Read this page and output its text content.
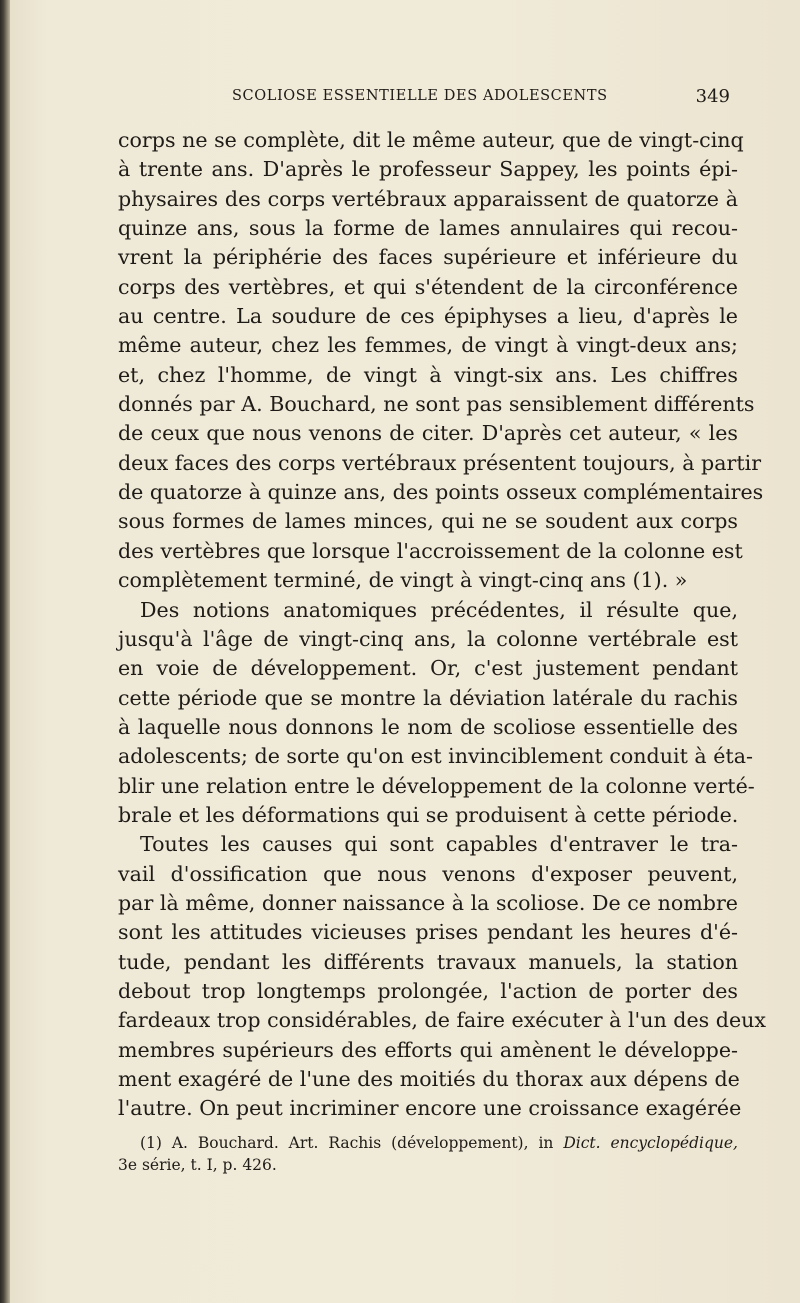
SCOLIOSE ESSENTIELLE DES ADOLESCENTS	349
corps ne se complète, dit le même auteur, que de vingt-cinq
à trente ans. D'après le professeur Sappey, les points épi-
physaires des corps vertébraux apparaissent de quatorze à
quinze ans, sous la forme de lames annulaires qui recou-
vrent la périphérie des faces supérieure et inférieure du
corps des vertèbres, et qui s'étendent de la circonférence
au centre. La soudure de ces épiphyses a lieu, d'après le
même auteur, chez les femmes, de vingt à vingt-deux ans;
et, chez l'homme, de vingt à vingt-six ans. Les chiffres
donnés par A. Bouchard, ne sont pas sensiblement différents
de ceux que nous venons de citer. D'après cet auteur, « les
deux faces des corps vertébraux présentent toujours, à partir
de quatorze à quinze ans, des points osseux complémentaires
sous formes de lames minces, qui ne se soudent aux corps
des vertèbres que lorsque l'accroissement de la colonne est
complètement terminé, de vingt à vingt-cinq ans (1). »
Des notions anatomiques précédentes, il résulte que,
jusqu'à l'âge de vingt-cinq ans, la colonne vertébrale est
en voie de développement. Or, c'est justement pendant
cette période que se montre la déviation latérale du rachis
à laquelle nous donnons le nom de scoliose essentielle des
adolescents; de sorte qu'on est invinciblement conduit à éta-
blir une relation entre le développement de la colonne verté-
brale et les déformations qui se produisent à cette période.
Toutes les causes qui sont capables d'entraver le tra-
vail d'ossification que nous venons d'exposer peuvent,
par là même, donner naissance à la scoliose. De ce nombre
sont les attitudes vicieuses prises pendant les heures d'é-
tude, pendant les différents travaux manuels, la station
debout trop longtemps prolongée, l'action de porter des
fardeaux trop considérables, de faire exécuter à l'un des deux
membres supérieurs des efforts qui amènent le développe-
ment exagéré de l'une des moitiés du thorax aux dépens de
l'autre. On peut incriminer encore une croissance exagérée
(1) A. Bouchard. Art. Rachis (développement), in Dict. encyclopédique,
3e série, t. I, p. 426.
